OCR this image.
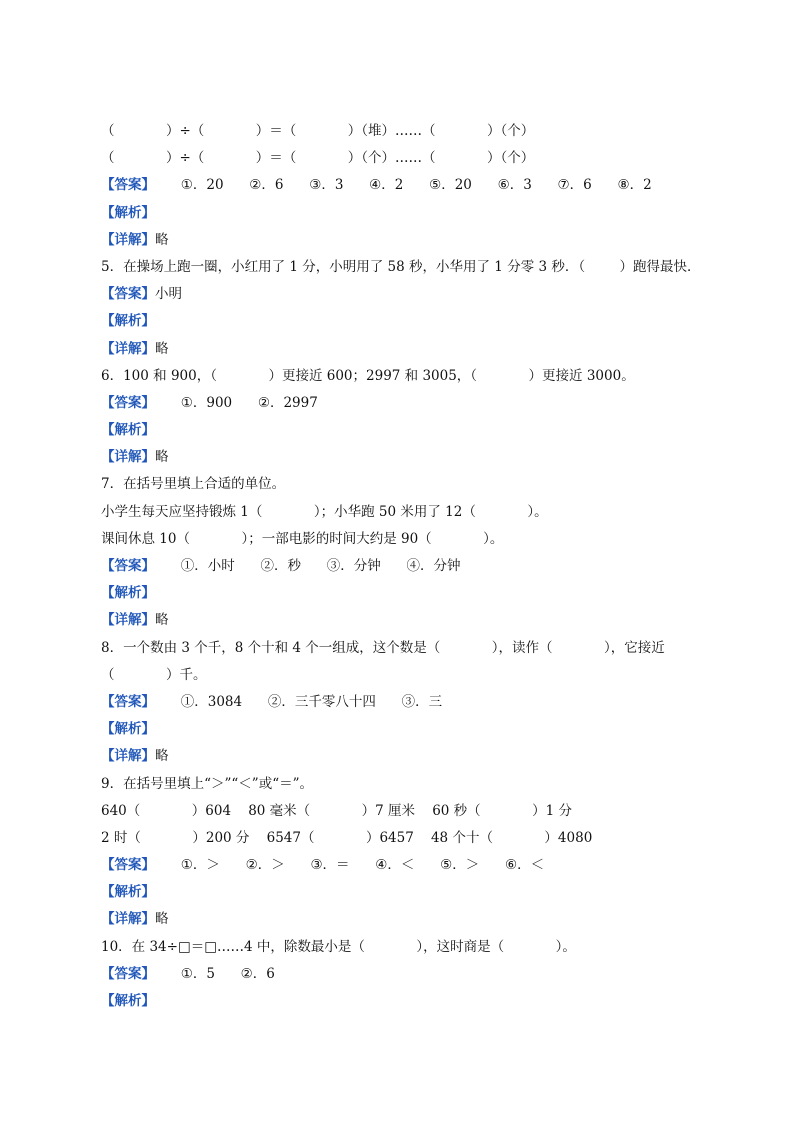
（            ）÷（            ）＝（            ）（堆）……（            ）（个）
（            ）÷（            ）＝（            ）（个）……（            ）（个）
【答案】      ①．20      ②．6      ③．3      ④．2      ⑤．20      ⑥．3      ⑦．6      ⑧．2
【解析】
【详解】略
5．在操场上跑一圈，小红用了 1 分，小明用了 58 秒，小华用了 1 分零 3 秒．（        ）跑得最快．
【答案】小明
【解析】
【详解】略
6．100 和 900，（            ）更接近 600；2997 和 3005，（            ）更接近 3000。
【答案】      ①．900      ②．2997
【解析】
【详解】略
7．在括号里填上合适的单位。
小学生每天应坚持锻炼 1（            ）；小华跑 50 米用了 12（            ）。
课间休息 10（            ）；一部电影的时间大约是 90（            ）。
【答案】      ①．小时      ②．秒      ③．分钟      ④．分钟
【解析】
【详解】略
8．一个数由 3 个千，8 个十和 4 个一组成，这个数是（            ），读作（            ），它接近
（            ）千。
【答案】      ①．3084      ②．三千零八十四      ③．三
【解析】
【详解】略
9．在括号里填上“＞”“＜”或“＝”。
640（            ）604    80 毫米（            ）7 厘米    60 秒（            ）1 分
2 时（            ）200 分    6547（            ）6457    48 个十（            ）4080
【答案】      ①．＞      ②．＞      ③．＝      ④．＜      ⑤．＞      ⑥．＜
【解析】
【详解】略
10．在 34÷□＝□……4 中，除数最小是（            ），这时商是（            ）。
【答案】      ①．5      ②．6
【解析】
